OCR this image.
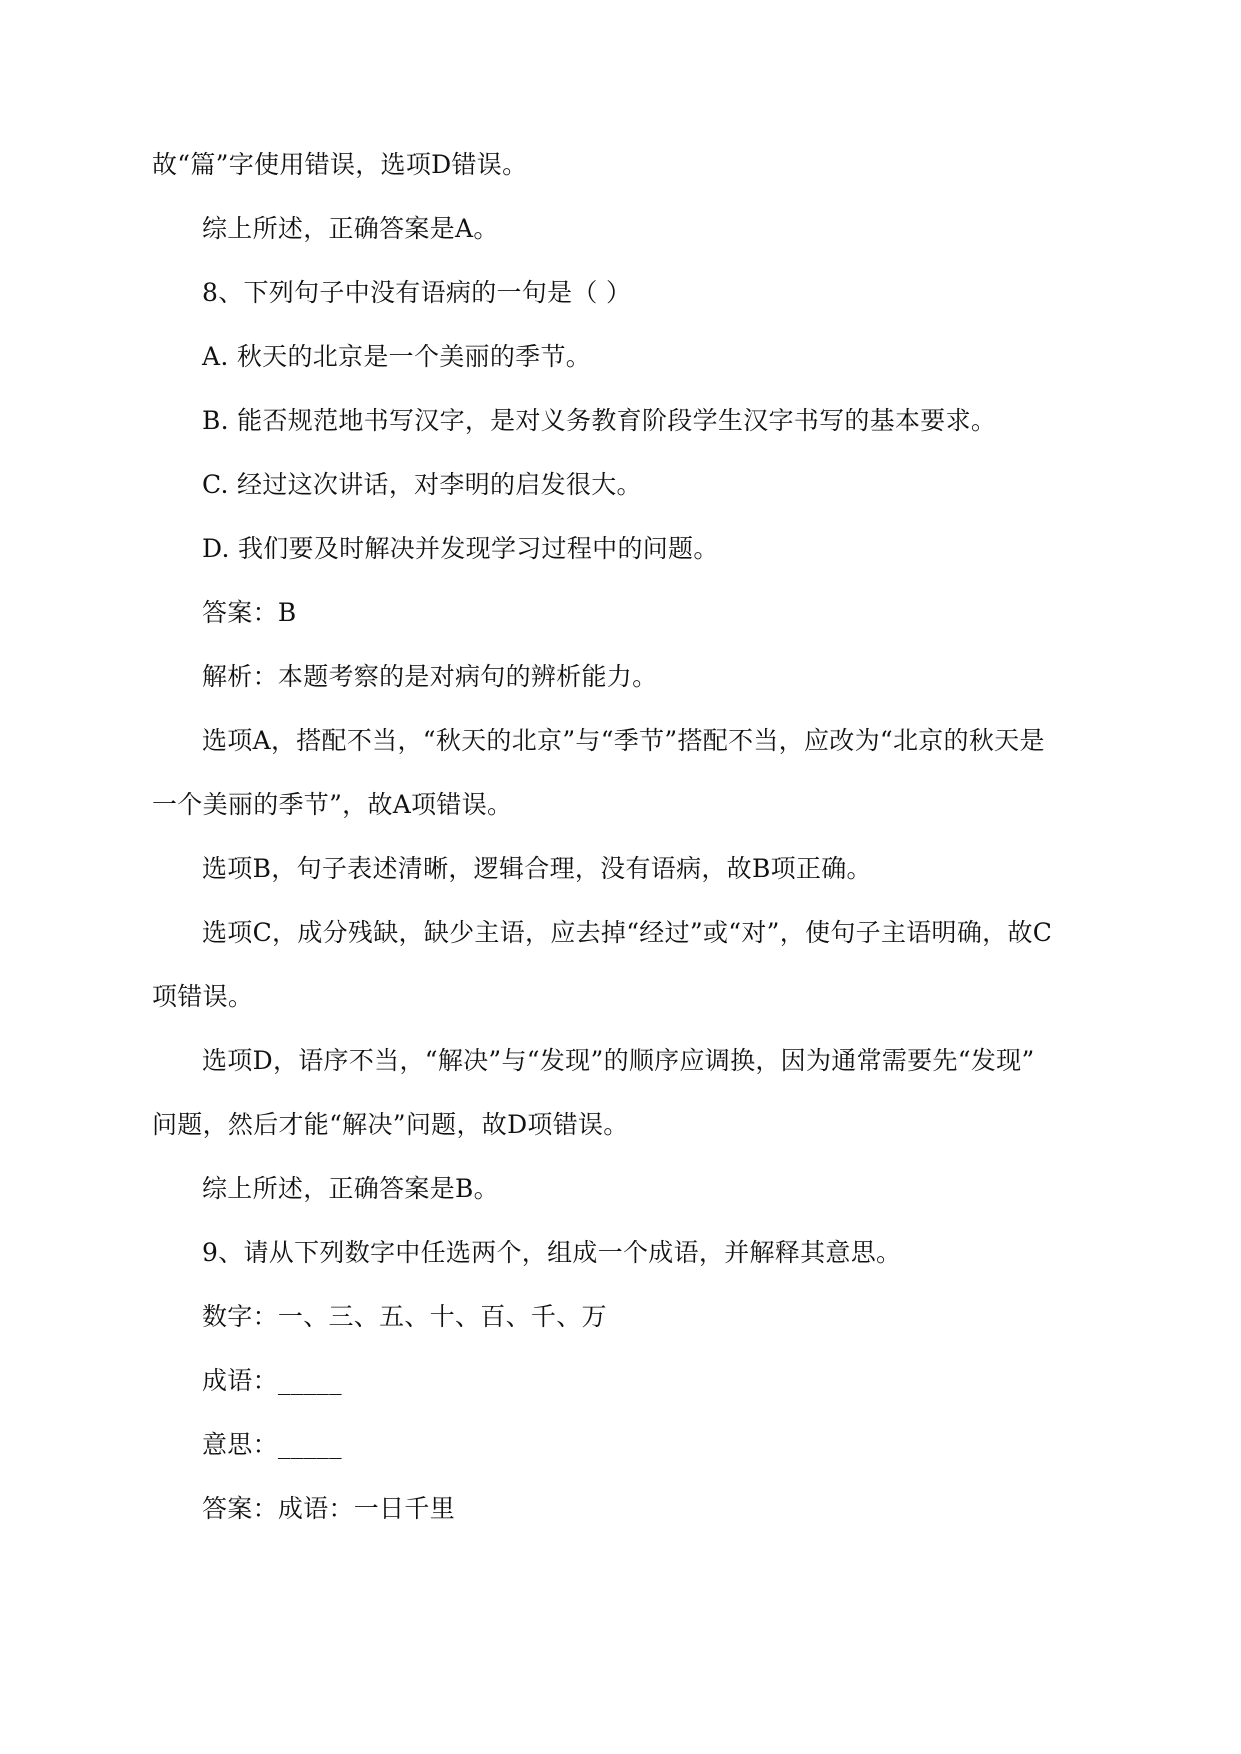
故“篇”字使用错误，选项D错误。
综上所述，正确答案是A。
8、下列句子中没有语病的一句是（ ）
A. 秋天的北京是一个美丽的季节。
B. 能否规范地书写汉字，是对义务教育阶段学生汉字书写的基本要求。
C. 经过这次讲话，对李明的启发很大。
D. 我们要及时解决并发现学习过程中的问题。
答案：B
解析：本题考察的是对病句的辨析能力。
选项A，搭配不当，“秋天的北京”与“季节”搭配不当，应改为“北京的秋天是
一个美丽的季节”，故A项错误。
选项B，句子表述清晰，逻辑合理，没有语病，故B项正确。
选项C，成分残缺，缺少主语，应去掉“经过”或“对”，使句子主语明确，故C
项错误。
选项D，语序不当，“解决”与“发现”的顺序应调换，因为通常需要先“发现”
问题，然后才能“解决”问题，故D项错误。
综上所述，正确答案是B。
9、请从下列数字中任选两个，组成一个成语，并解释其意思。
数字：一、三、五、十、百、千、万
成语：_____
意思：_____
答案：成语：一日千里
